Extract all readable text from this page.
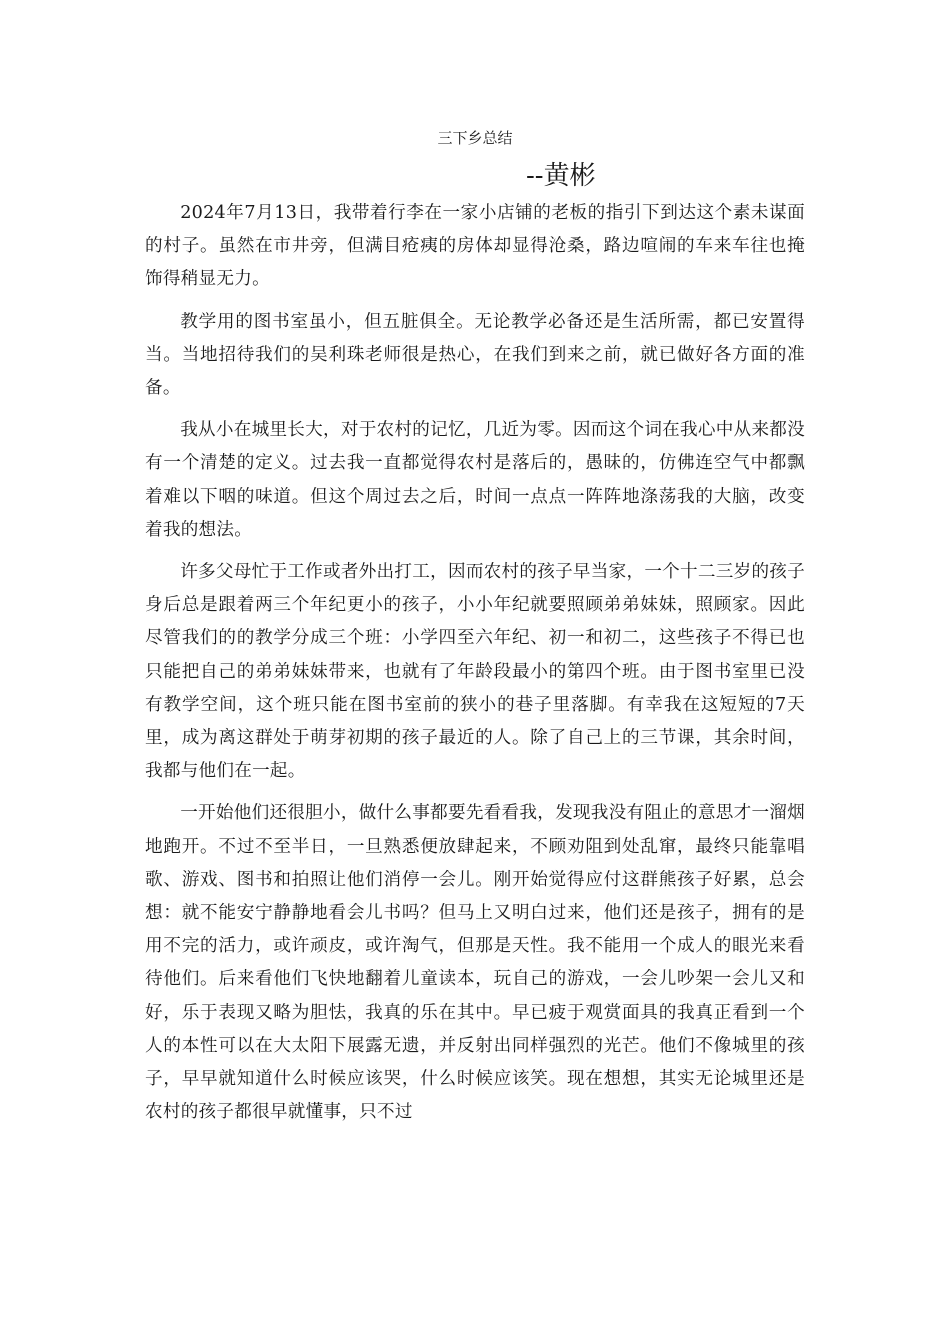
三下乡总结
--黄彬

2024年7月13日，我带着行李在一家小店铺的老板的指引下到达这个素未谋面的村子。虽然在市井旁，但满目疮痍的房体却显得沧桑，路边喧闹的车来车往也掩饰得稍显无力。

教学用的图书室虽小，但五脏俱全。无论教学必备还是生活所需，都已安置得当。当地招待我们的吴利珠老师很是热心，在我们到来之前，就已做好各方面的准备。

我从小在城里长大，对于农村的记忆，几近为零。因而这个词在我心中从来都没有一个清楚的定义。过去我一直都觉得农村是落后的，愚昧的，仿佛连空气中都飘着难以下咽的味道。但这个周过去之后，时间一点点一阵阵地涤荡我的大脑，改变着我的想法。

许多父母忙于工作或者外出打工，因而农村的孩子早当家，一个十二三岁的孩子身后总是跟着两三个年纪更小的孩子，小小年纪就要照顾弟弟妹妹，照顾家。因此尽管我们的的教学分成三个班：小学四至六年纪、初一和初二，这些孩子不得已也只能把自己的弟弟妹妹带来，也就有了年龄段最小的第四个班。由于图书室里已没有教学空间，这个班只能在图书室前的狭小的巷子里落脚。有幸我在这短短的7天里，成为离这群处于萌芽初期的孩子最近的人。除了自己上的三节课，其余时间，我都与他们在一起。

一开始他们还很胆小，做什么事都要先看看我，发现我没有阻止的意思才一溜烟地跑开。不过不至半日，一旦熟悉便放肆起来，不顾劝阻到处乱窜，最终只能靠唱歌、游戏、图书和拍照让他们消停一会儿。刚开始觉得应付这群熊孩子好累，总会想：就不能安宁静静地看会儿书吗？但马上又明白过来，他们还是孩子，拥有的是用不完的活力，或许顽皮，或许淘气，但那是天性。我不能用一个成人的眼光来看待他们。后来看他们飞快地翻着儿童读本，玩自己的游戏，一会儿吵架一会儿又和好，乐于表现又略为胆怯，我真的乐在其中。早已疲于观赏面具的我真正看到一个人的本性可以在大太阳下展露无遗，并反射出同样强烈的光芒。他们不像城里的孩子，早早就知道什么时候应该哭，什么时候应该笑。现在想想，其实无论城里还是农村的孩子都很早就懂事，只不过
